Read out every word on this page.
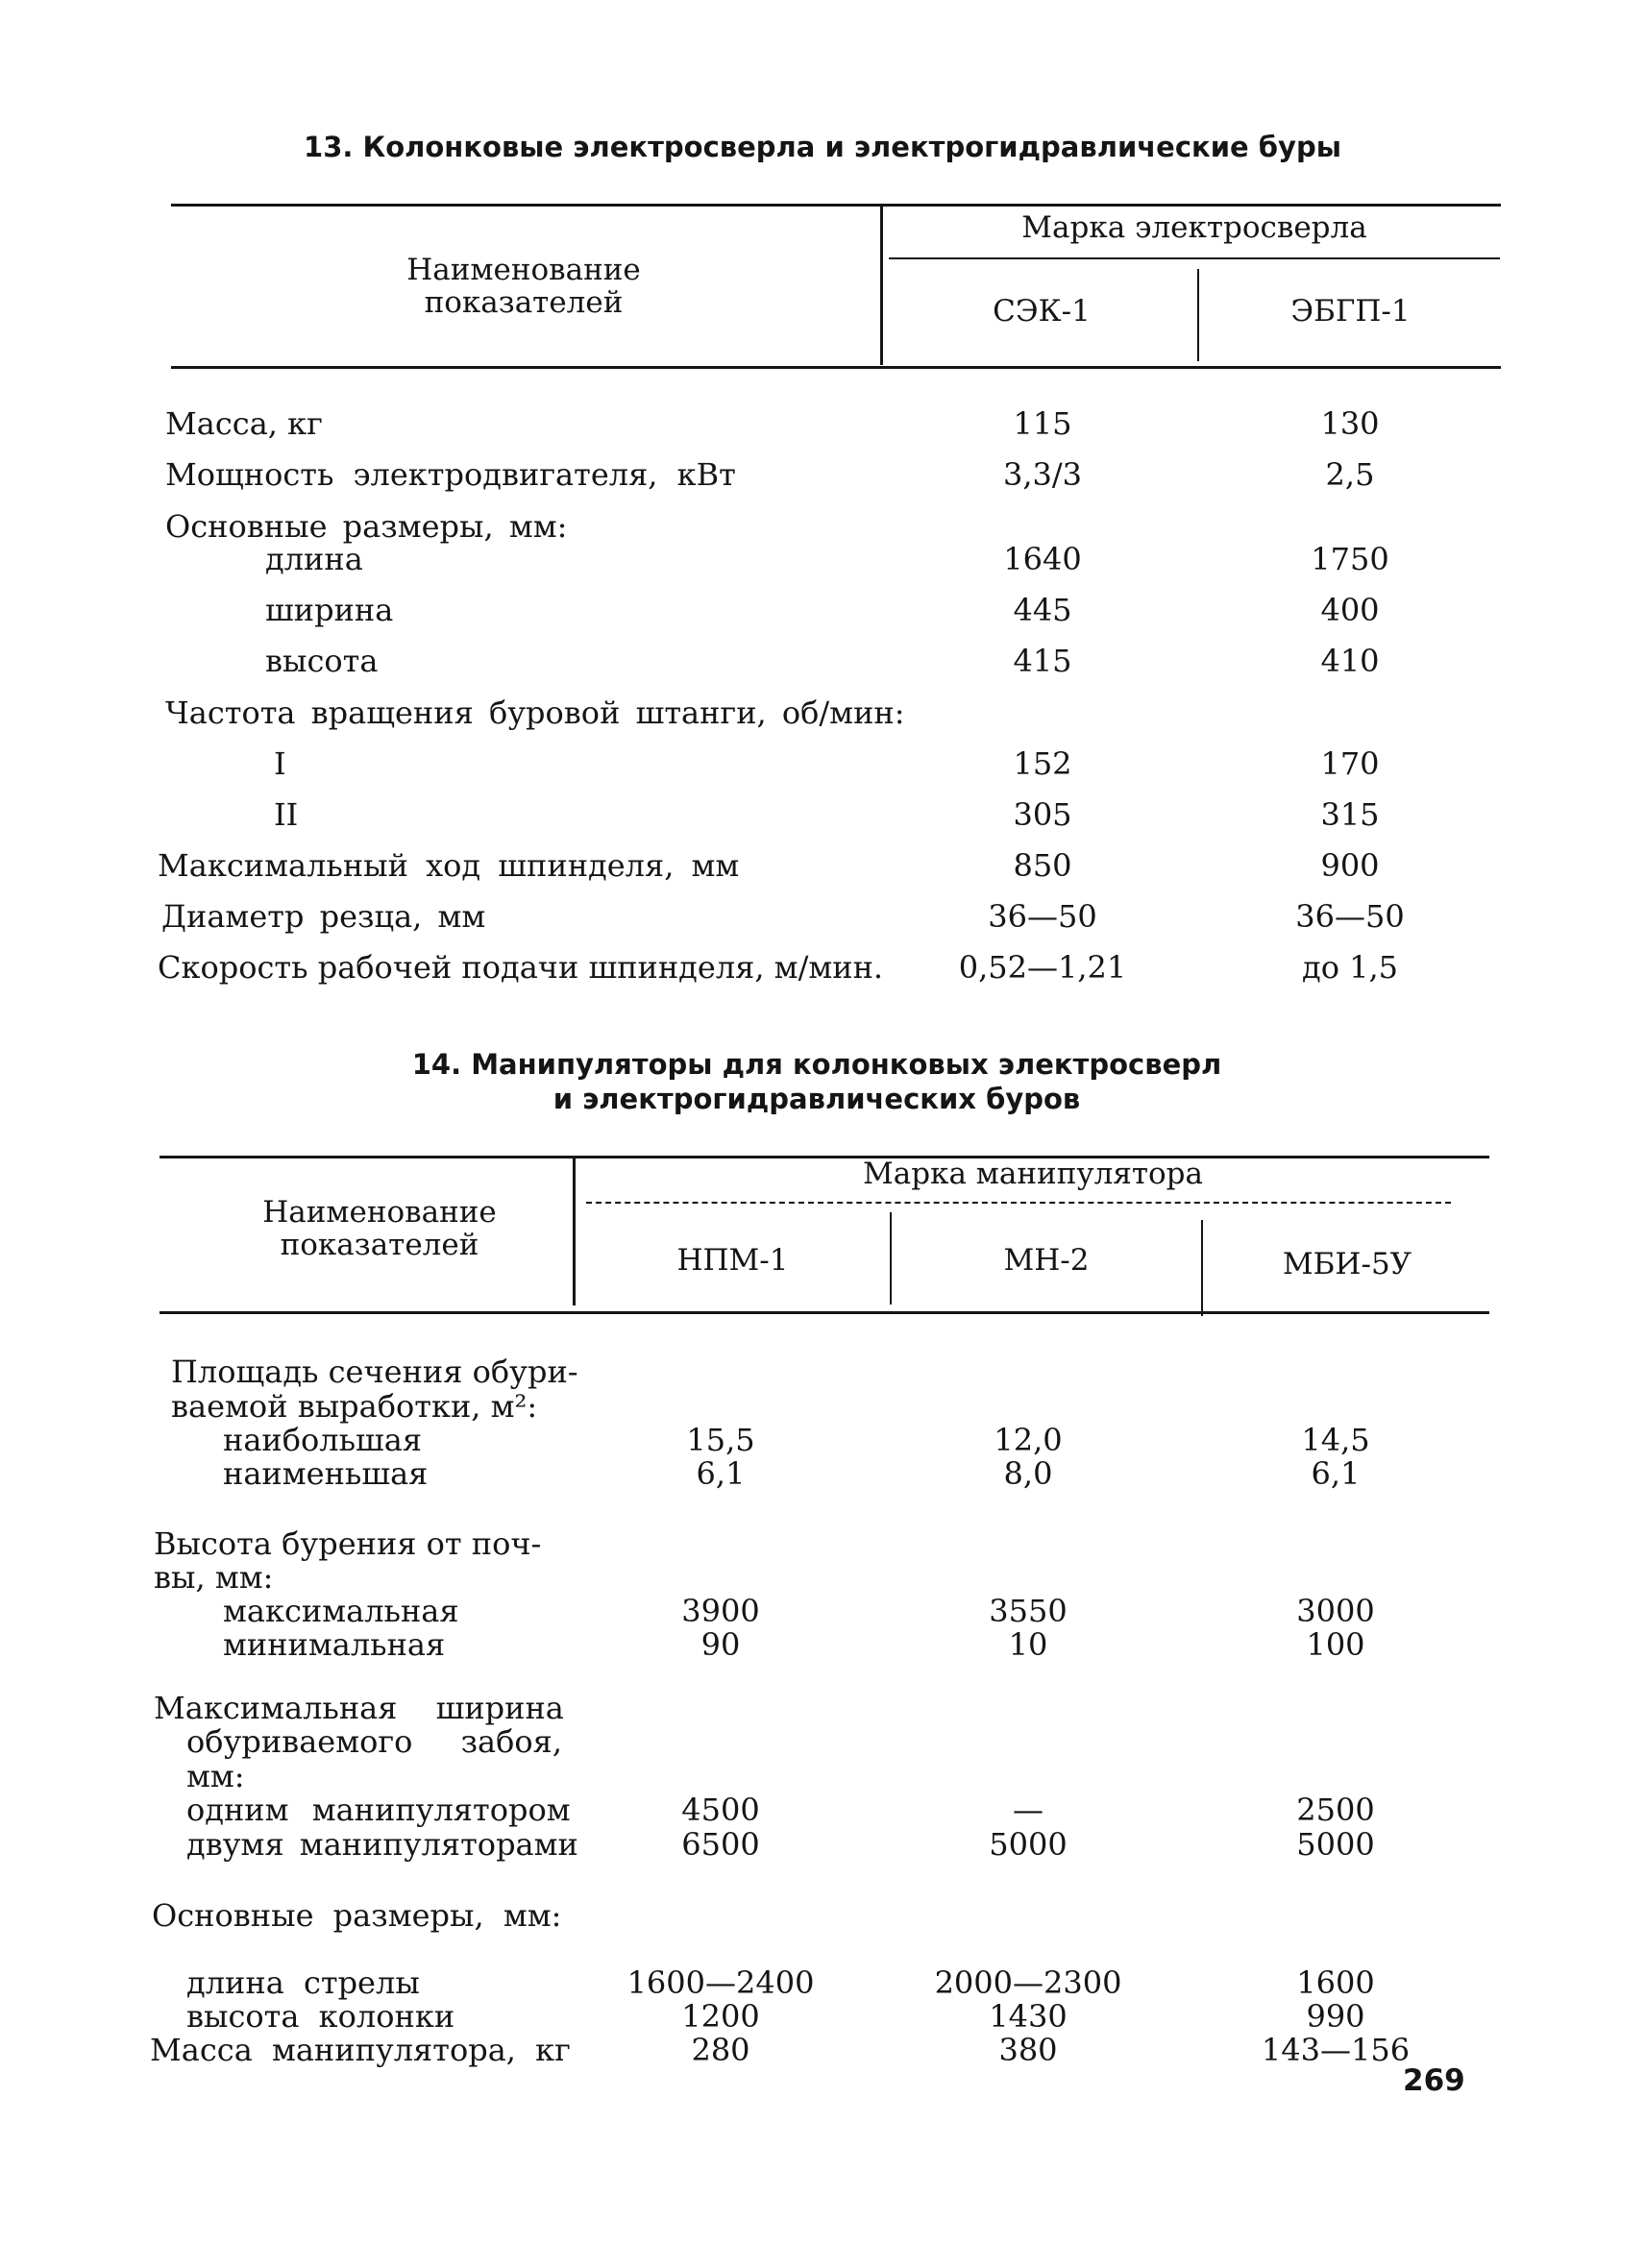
13. Колонковые электросверла и электрогидравлические буры
Наименование показателей
Марка электросверла
СЭК-1	ЭБГП-1
Масса, кг	115	130
Мощность электродвигателя, кВт	3,3/3	2,5
Основные размеры, мм:
длина	1640	1750
ширина	445	400
высота	415	410
Частота вращения буровой штанги, об/мин:
I	152	170
II	305	315
Максимальный ход шпинделя, мм	850	900
Диаметр резца, мм	36—50	36—50
Скорость рабочей подачи шпинделя, м/мин.	0,52—1,21	до 1,5
14. Манипуляторы для колонковых электросверл
и электрогидравлических буров
Наименование показателей
Марка манипулятора
НПМ-1	МН-2	МБИ-5У
Площадь сечения обури-
ваемой выработки, м²:
наибольшая	15,5	12,0	14,5
наименьшая	6,1	8,0	6,1
Высота бурения от поч-
вы, мм:
максимальная	3900	3550	3000
минимальная	90	10	100
Максимальная ширина
обуриваемого забоя,
мм:
одним манипулятором	4500	—	2500
двумя манипуляторами	6500	5000	5000
Основные размеры, мм:
длина стрелы	1600—2400	2000—2300	1600
высота колонки	1200	1430	990
Масса манипулятора, кг	280	380	143—156
269
